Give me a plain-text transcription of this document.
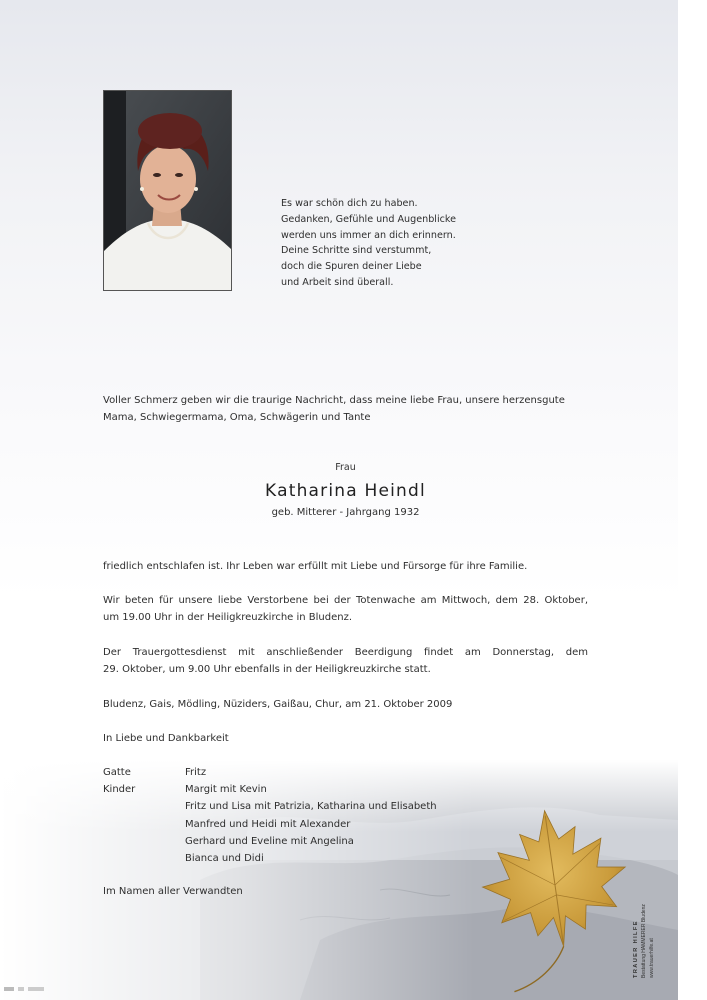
Es war schön dich zu haben.
Gedanken, Gefühle und Augenblicke
werden uns immer an dich erinnern.
Deine Schritte sind verstummt,
doch die Spuren deiner Liebe
und Arbeit sind überall.
Voller Schmerz geben wir die traurige Nachricht, dass meine liebe Frau, unsere herzensgute
Mama, Schwiegermama, Oma, Schwägerin und Tante
Frau
Katharina Heindl
geb. Mitterer - Jahrgang 1932
friedlich entschlafen ist. Ihr Leben war erfüllt mit Liebe und Fürsorge für ihre Familie.
Wir beten für unsere liebe Verstorbene bei der Totenwache am Mittwoch, dem 28. Oktober,
um 19.00 Uhr in der Heiligkreuzkirche in Bludenz.
Der Trauergottesdienst mit anschließender Beerdigung findet am Donnerstag, dem
29. Oktober, um 9.00 Uhr ebenfalls in der Heiligkreuzkirche statt.
Bludenz, Gais, Mödling, Nüziders, Gaißau, Chur, am 21. Oktober 2009
In Liebe und Dankbarkeit
Gatte	Fritz
Kinder	Margit mit Kevin
Fritz und Lisa mit Patrizia, Katharina und Elisabeth
Manfred und Heidi mit Alexander
Gerhard und Eveline mit Angelina
Bianca und Didi
Im Namen aller Verwandten
TRAUER HILFE Bestattung HAMMERER Bludenz www.trauerhilfe.at
